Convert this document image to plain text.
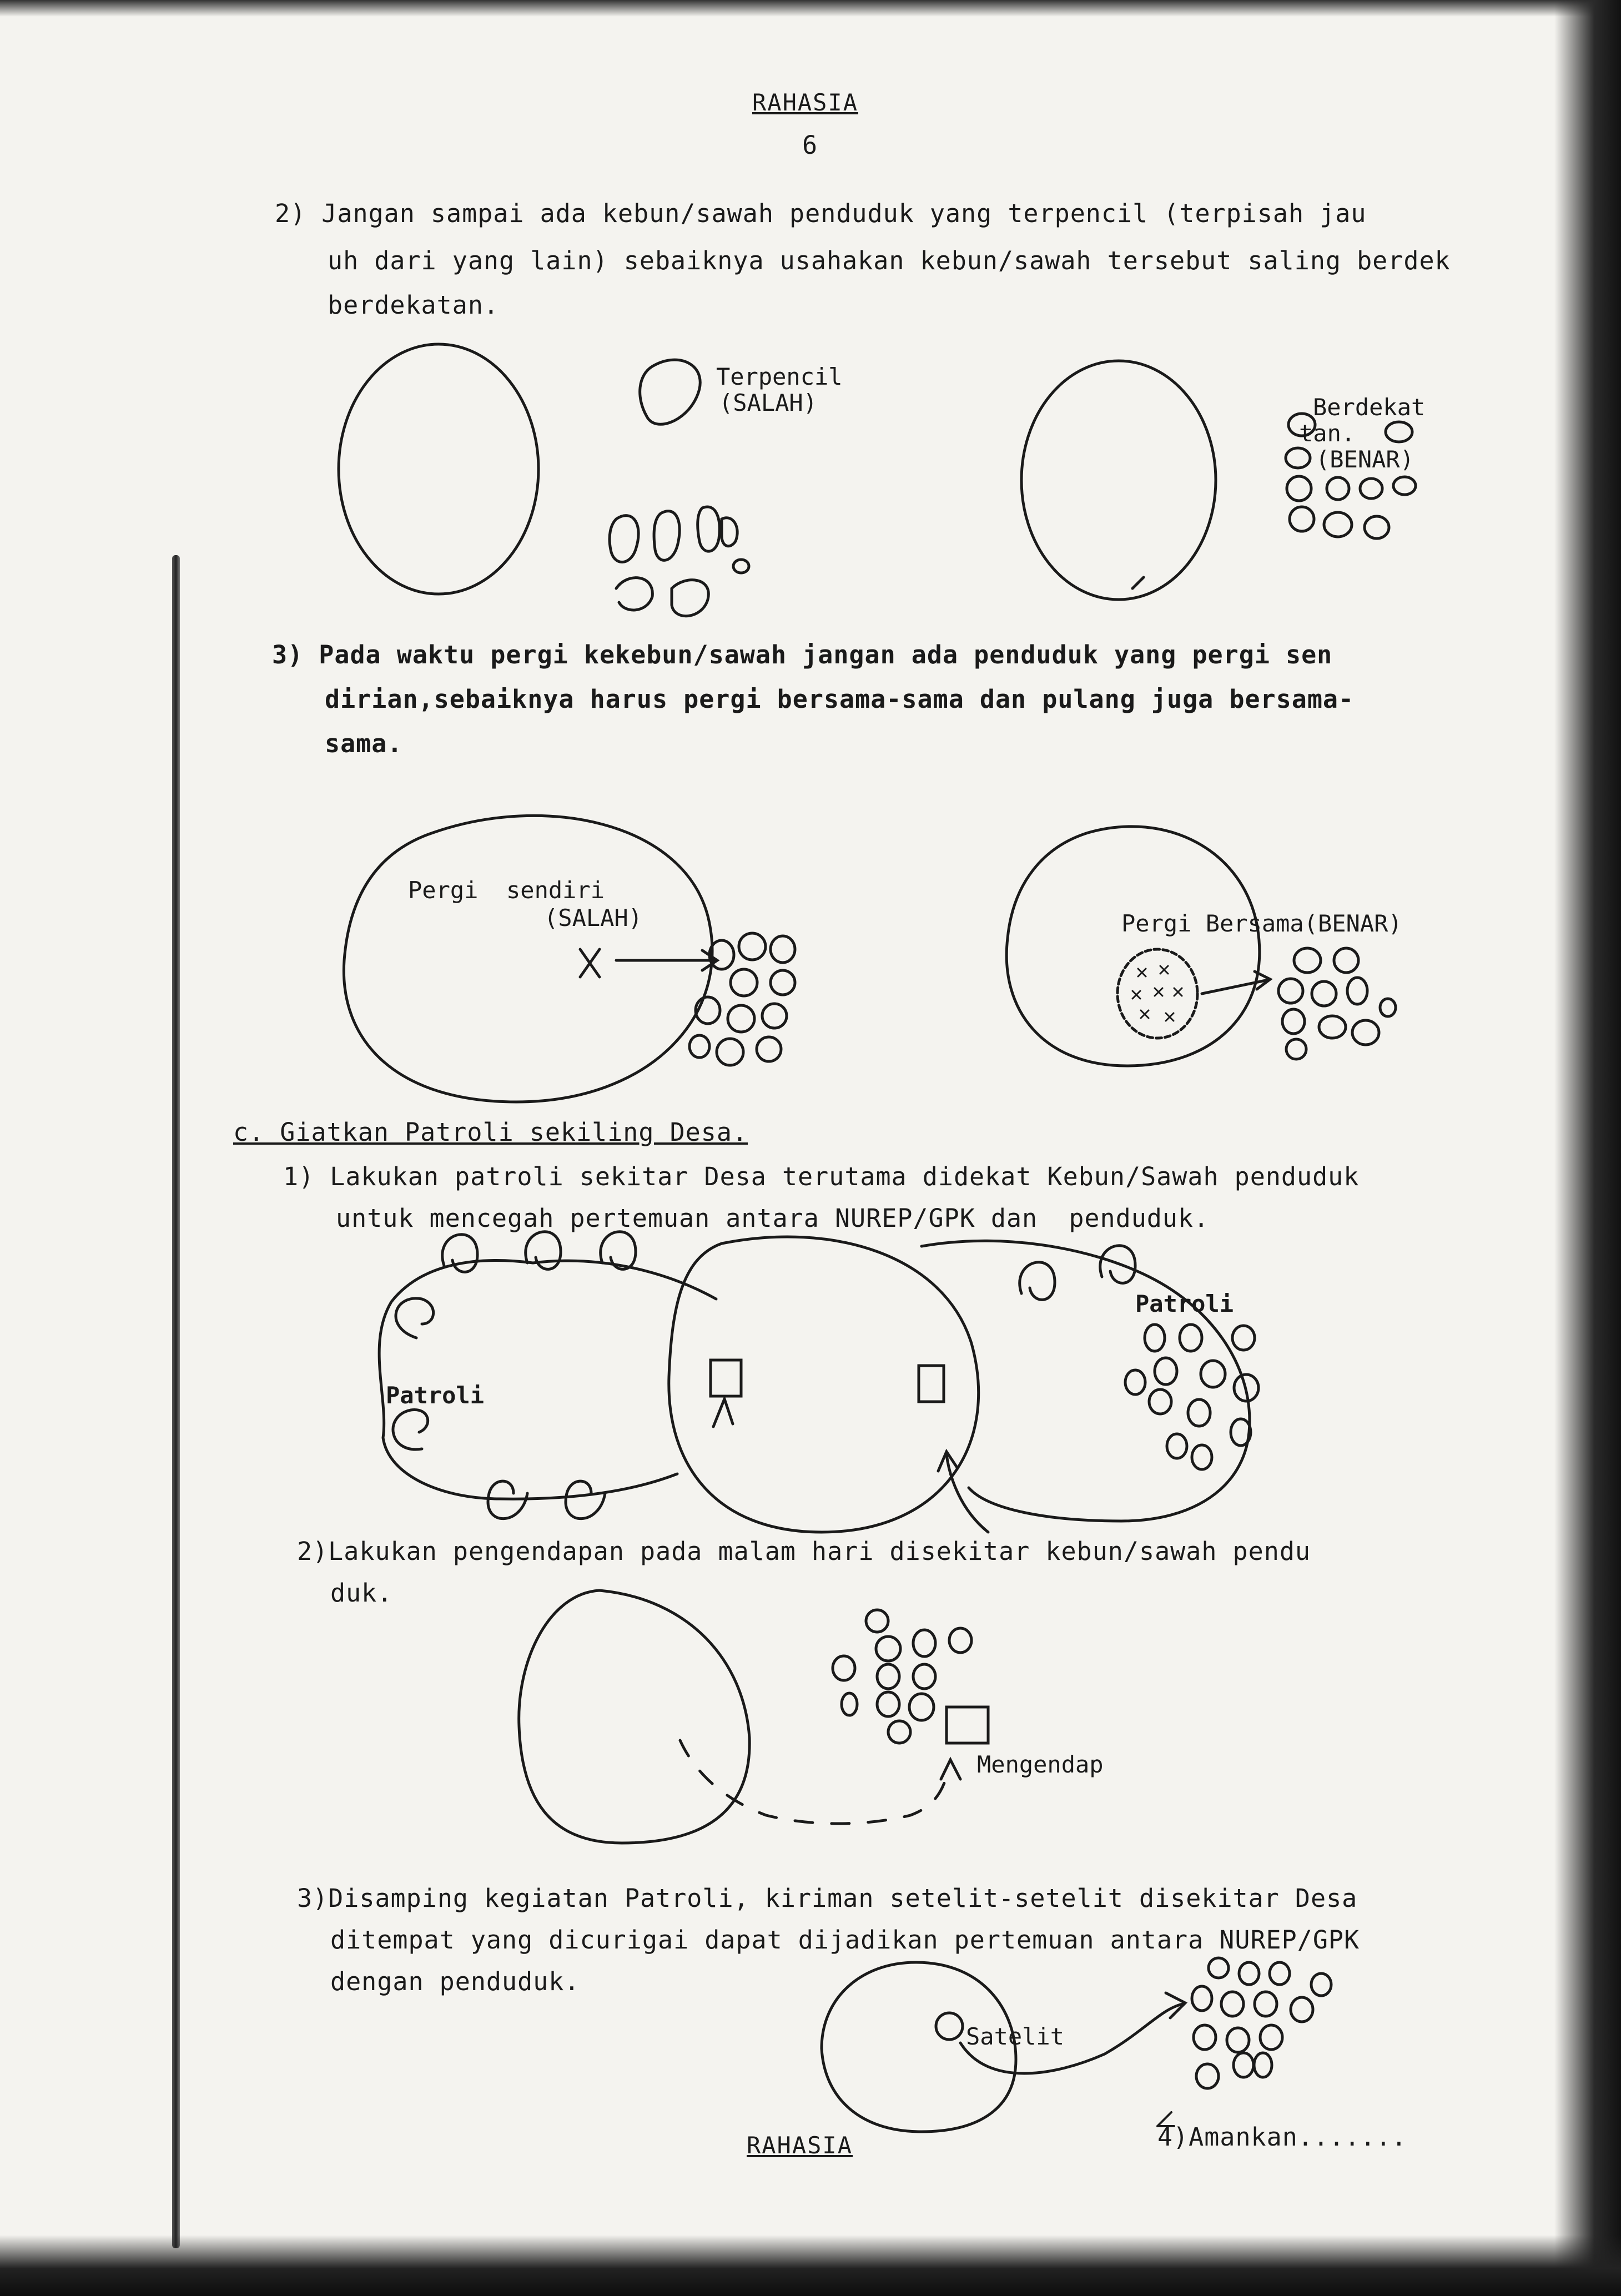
RAHASIA
6
2) Jangan sampai ada kebun/sawah penduduk yang terpencil (terpisah jau
uh dari yang lain) sebaiknya usahakan kebun/sawah tersebut saling berdek
berdekatan.
Terpencil
(SALAH)	Berdekat
tan.
(BENAR)
3) Pada waktu pergi kekebun/sawah jangan ada penduduk yang pergi sen
dirian,sebaiknya harus pergi bersama-sama dan pulang juga bersama-
sama.
Pergi  sendiri
(SALAH)	Pergi Bersama(BENAR)
c. Giatkan Patroli sekiling Desa.
1) Lakukan patroli sekitar Desa terutama didekat Kebun/Sawah penduduk
untuk mencegah pertemuan antara NUREP/GPK dan  penduduk.
Patroli
Patroli
2)Lakukan pengendapan pada malam hari disekitar kebun/sawah pendu
duk.
Mengendap
3)Disamping kegiatan Patroli, kiriman setelit-setelit disekitar Desa
ditempat yang dicurigai dapat dijadikan pertemuan antara NUREP/GPK
dengan penduduk.
Satelit
RAHASIA	4)Amankan.......
